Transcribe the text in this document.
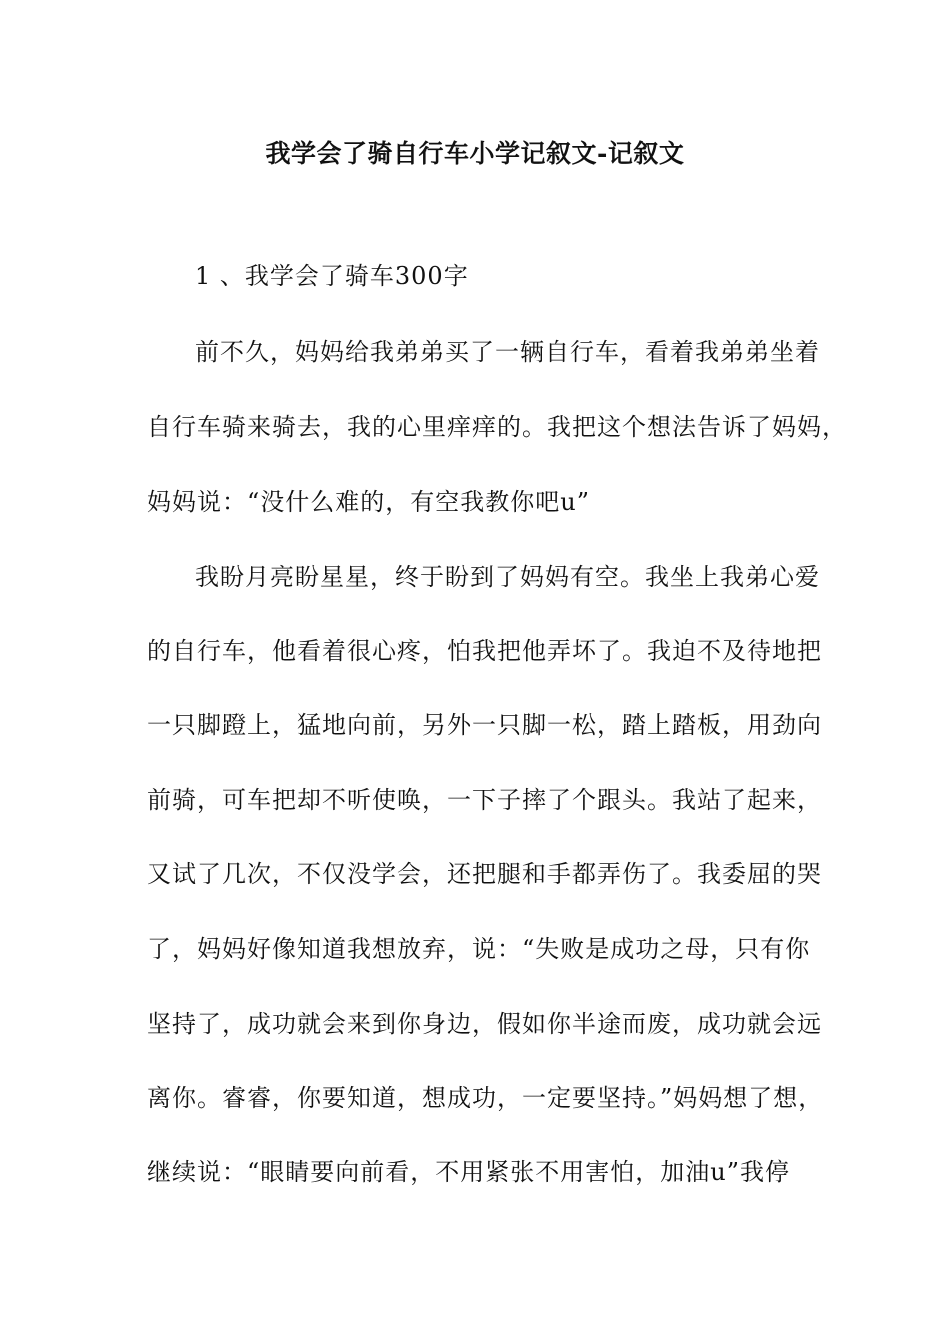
我学会了骑自行车小学记叙文-记叙文
1 、我学会了骑车300字
前不久，妈妈给我弟弟买了一辆自行车，看着我弟弟坐着
自行车骑来骑去，我的心里痒痒的。我把这个想法告诉了妈妈，
妈妈说：“没什么难的，有空我教你吧u”
我盼月亮盼星星，终于盼到了妈妈有空。我坐上我弟心爱
的自行车，他看着很心疼，怕我把他弄坏了。我迫不及待地把
一只脚蹬上，猛地向前，另外一只脚一松，踏上踏板，用劲向
前骑，可车把却不听使唤，一下子摔了个跟头。我站了起来，
又试了几次，不仅没学会，还把腿和手都弄伤了。我委屈的哭
了，妈妈好像知道我想放弃，说：“失败是成功之母，只有你
坚持了，成功就会来到你身边，假如你半途而废，成功就会远
离你。睿睿，你要知道，想成功，一定要坚持。”妈妈想了想，
继续说：“眼睛要向前看，不用紧张不用害怕，加油u”我停
